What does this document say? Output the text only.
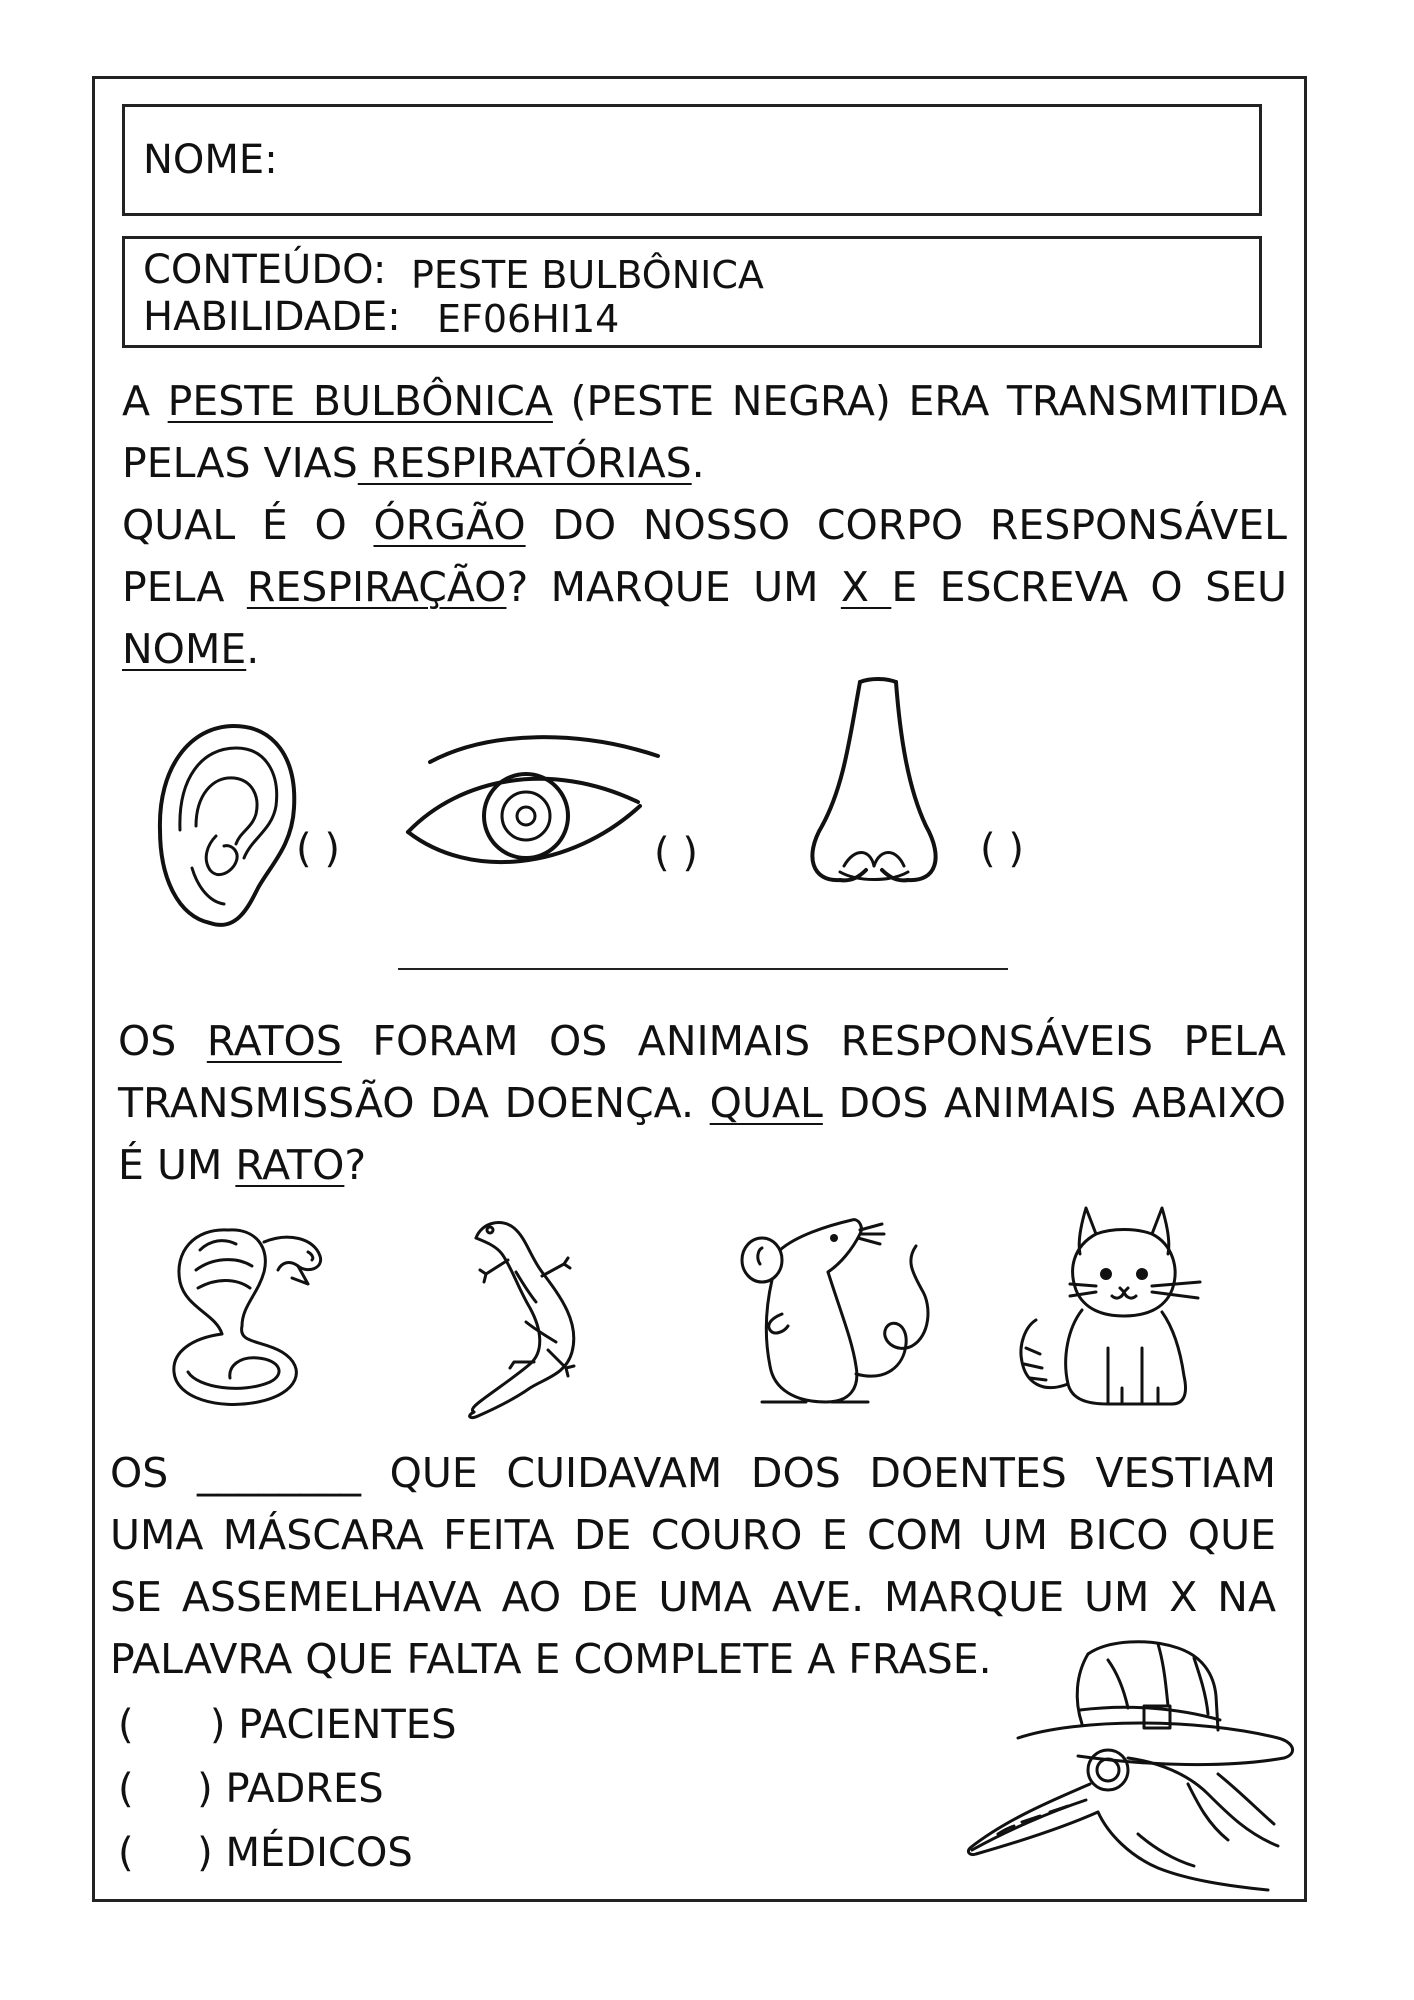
NOME:
CONTEÚDO: PESTE BULBÔNICA
HABILIDADE: EF06HI14

A PESTE BULBÔNICA (PESTE NEGRA) ERA TRANSMITIDA

PELAS VIAS RESPIRATÓRIAS.

QUAL É O ÓRGÃO DO NOSSO CORPO RESPONSÁVEL

PELA RESPIRAÇÃO? MARQUE UM X E ESCREVA O SEU

NOME.

( )	( )	( )

OS RATOS FORAM OS ANIMAIS RESPONSÁVEIS PELA

TRANSMISSÃO DA DOENÇA. QUAL DOS ANIMAIS ABAIXO

É UM RATO?

OS ________ QUE CUIDAVAM DOS DOENTES VESTIAM

UMA MÁSCARA FEITA DE COURO E COM UM BICO QUE

SE ASSEMELHAVA AO DE UMA AVE. MARQUE UM X NA

PALAVRA QUE FALTA E COMPLETE A FRASE.

(      ) PACIENTES
(     ) PADRES
(     ) MÉDICOS
